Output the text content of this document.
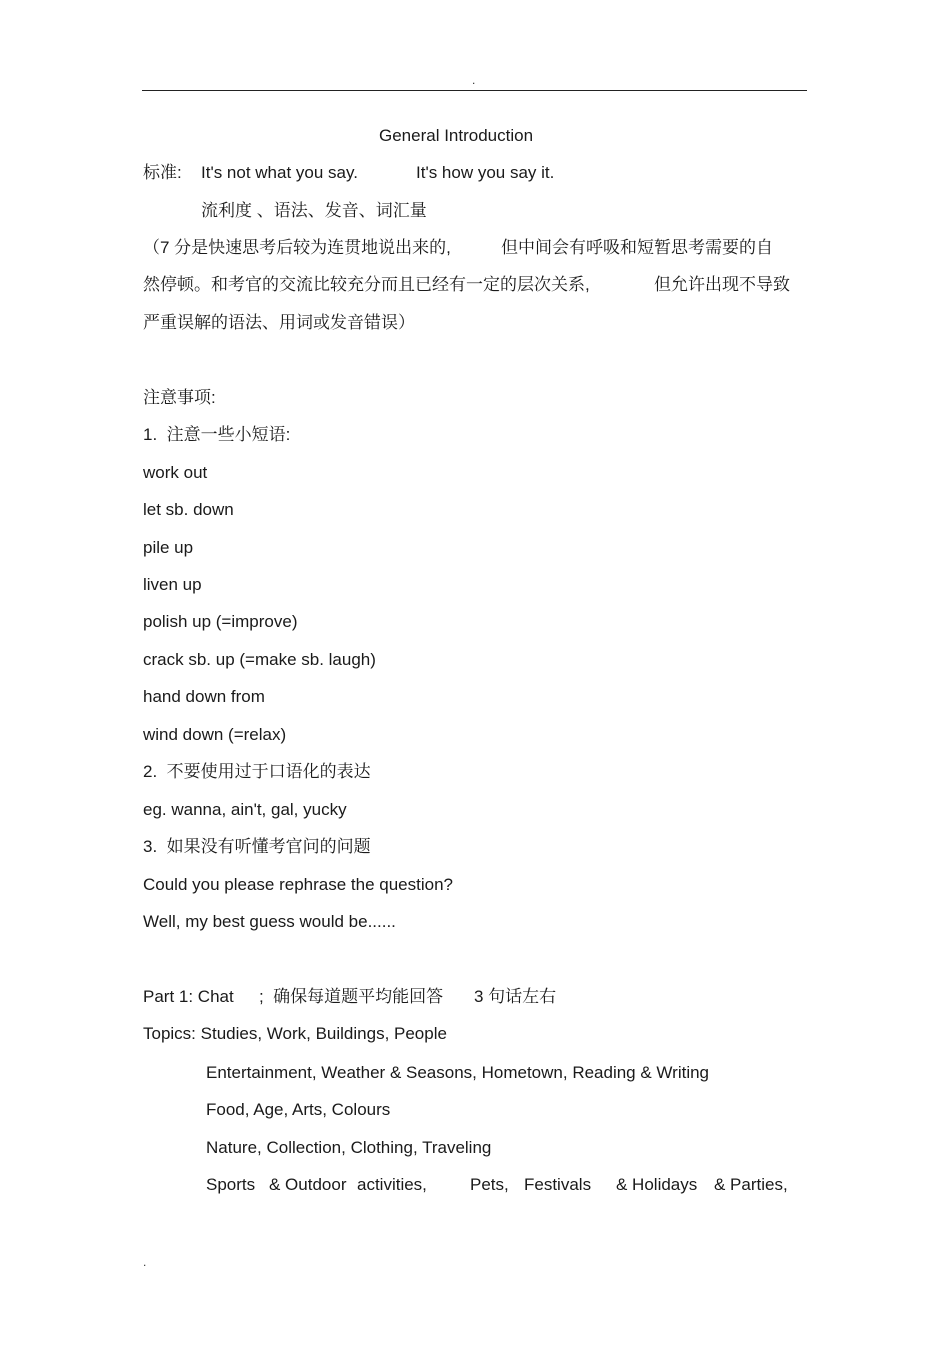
.
General Introduction
标准: It's not what you say.	It's how you say it.
流利度 、语法、发音、词汇量
（7 分是快速思考后较为连贯地说出来的,	但中间会有呼吸和短暂思考需要的自
然停顿。和考官的交流比较充分而且已经有一定的层次关系,	但允许出现不导致
严重误解的语法、用词或发音错误）
注意事项:
1.  注意一些小短语:
work out
let sb. down
pile up
liven up
polish up (=improve)
crack sb. up (=make sb. laugh)
hand down from
wind down (=relax)
2.  不要使用过于口语化的表达
eg. wanna, ain't, gal, yucky
3.  如果没有听懂考官问的问题
Could you please rephrase the question?
Well, my best guess would be......
Part 1: Chat ;  确保每道题平均能回答 3 句话左右
Topics: Studies, Work, Buildings, People
Entertainment, Weather & Seasons, Hometown, Reading & Writing
Food, Age, Arts, Colours
Nature, Collection, Clothing, Traveling
Sports & Outdoor activities,	Pets, Festivals & Holidays & Parties,
.
